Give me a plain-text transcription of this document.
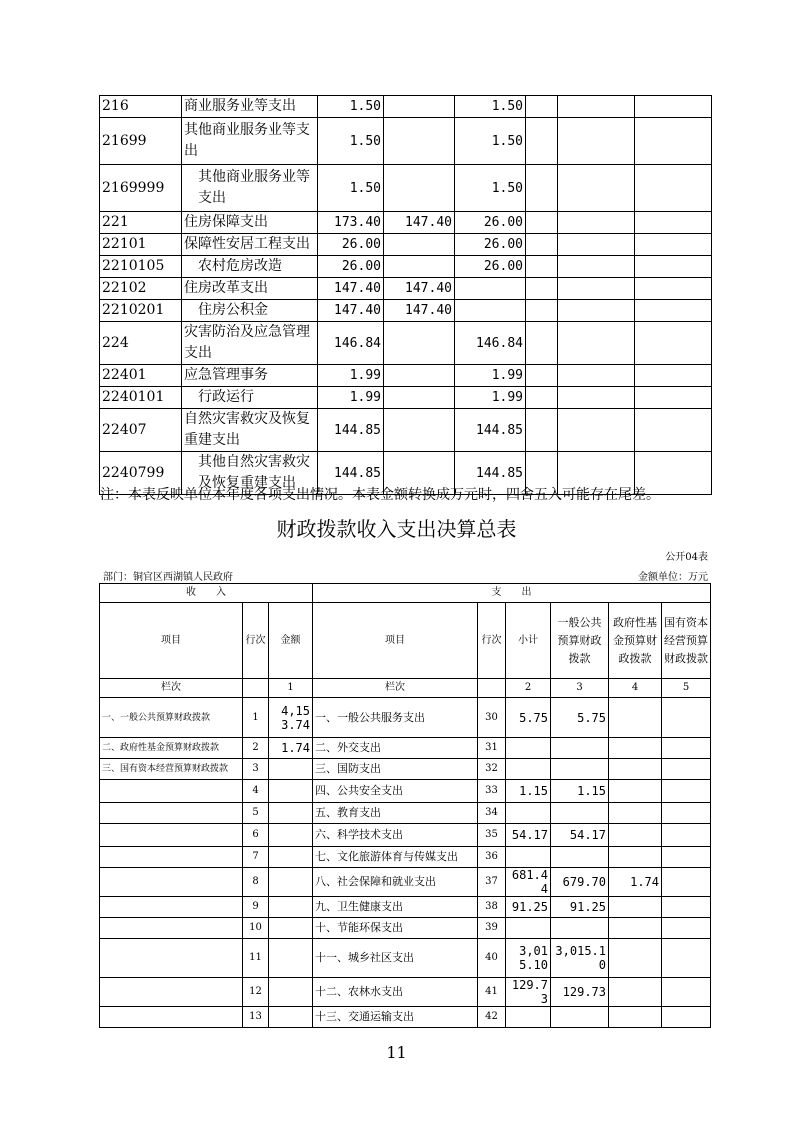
216	商业服务业等支出	1.50		1.50			
21699	其他商业服务业等支出	1.50		1.50			
2169999	其他商业服务业等支出	1.50		1.50			
221	住房保障支出	173.40	147.40	26.00			
22101	保障性安居工程支出	26.00		26.00			
2210105	农村危房改造	26.00		26.00			
22102	住房改革支出	147.40	147.40				
2210201	住房公积金	147.40	147.40				
224	灾害防治及应急管理支出	146.84		146.84			
22401	应急管理事务	1.99		1.99			
2240101	行政运行	1.99		1.99			
22407	自然灾害救灾及恢复重建支出	144.85		144.85			
2240799	其他自然灾害救灾及恢复重建支出	144.85		144.85			
注：本表反映单位本年度各项支出情况。本表金额转换成万元时，四舍五入可能存在尾差。
财政拨款收入支出决算总表
公开04表
部门：铜官区西湖镇人民政府	金额单位：万元
收　　入			支　　出					
项目	行次	金额	项目	行次	小计	一般公共预算财政拨款	政府性基金预算财政拨款	国有资本经营预算财政拨款
栏次		1	栏次		2	3	4	5
一、一般公共预算财政拨款	1	4,153.74	一、一般公共服务支出	30	5.75	5.75		
二、政府性基金预算财政拨款	2	1.74	二、外交支出	31				
三、国有资本经营预算财政拨款	3		三、国防支出	32				
	4		四、公共安全支出	33	1.15	1.15		
	5		五、教育支出	34				
	6		六、科学技术支出	35	54.17	54.17		
	7		七、文化旅游体育与传媒支出	36				
	8		八、社会保障和就业支出	37	681.44	679.70	1.74	
	9		九、卫生健康支出	38	91.25	91.25		
	10		十、节能环保支出	39				
	11		十一、城乡社区支出	40	3,015.10	3,015.10		
	12		十二、农林水支出	41	129.73	129.73		
	13		十三、交通运输支出	42				
11
